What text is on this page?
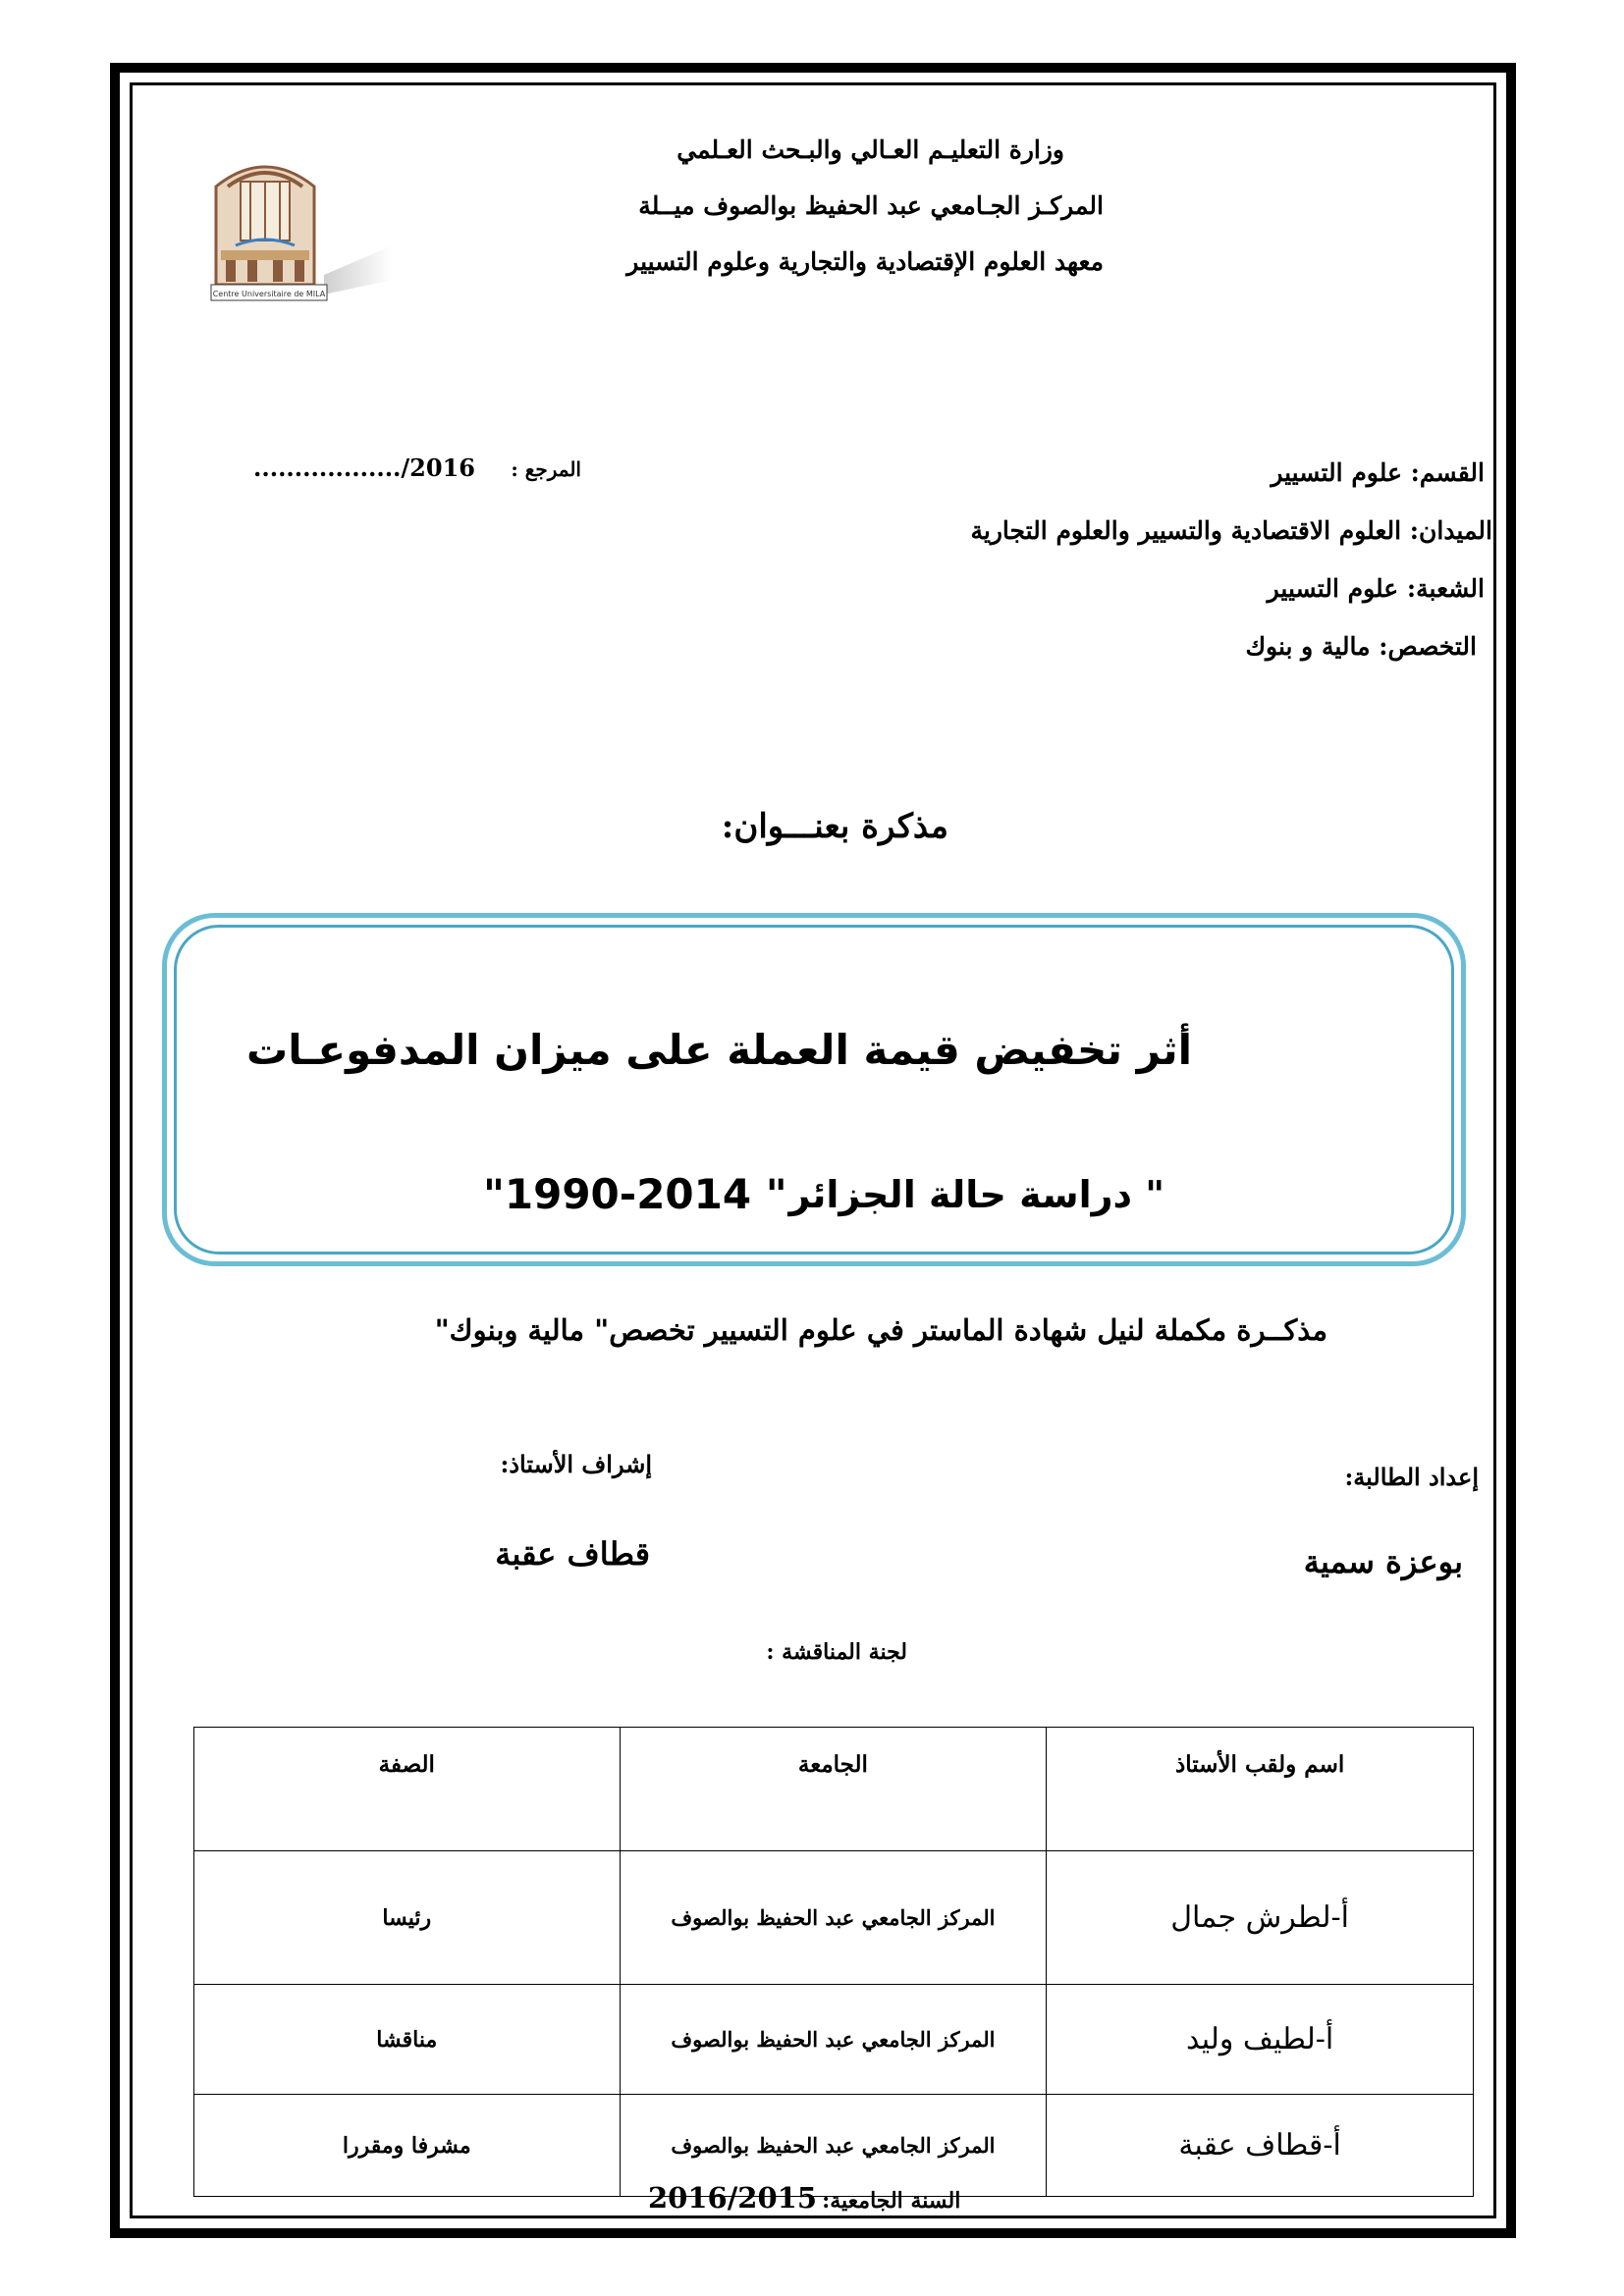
Centre Universitaire de MILA
وزارة التعليـم العـالي والبـحث العـلمي
المركـز الجـامعي عبد الحفيظ بوالصوف ميــلة
معهد العلوم الإقتصادية والتجارية وعلوم التسيير
................../2016 المرجع :	القسم: علوم التسيير
الميدان: العلوم الاقتصادية والتسيير والعلوم التجارية
الشعبة: علوم التسيير
التخصص: مالية و بنوك
مذكرة بعنـــوان:
أثر تخفيض قيمة العملة على ميزان المدفوعـات
" دراسة حالة الجزائر
"1990-2014 "
مذكــرة مكملة لنيل شهادة الماستر في علوم التسيير تخصص" مالية وبنوك"
إعداد الطالبة:
إشراف الأستاذ:
بوعزة سمية
قطاف عقبة
لجنة المناقشة :
اسم ولقب الأستاذ	الجامعة	الصفة
أ-لطرش جمال	المركز الجامعي عبد الحفيظ بوالصوف	رئيسا
أ-لطيف وليد	المركز الجامعي عبد الحفيظ بوالصوف	مناقشا
أ-قطاف عقبة	المركز الجامعي عبد الحفيظ بوالصوف	مشرفا ومقررا
2016/2015 السنة الجامعية:
